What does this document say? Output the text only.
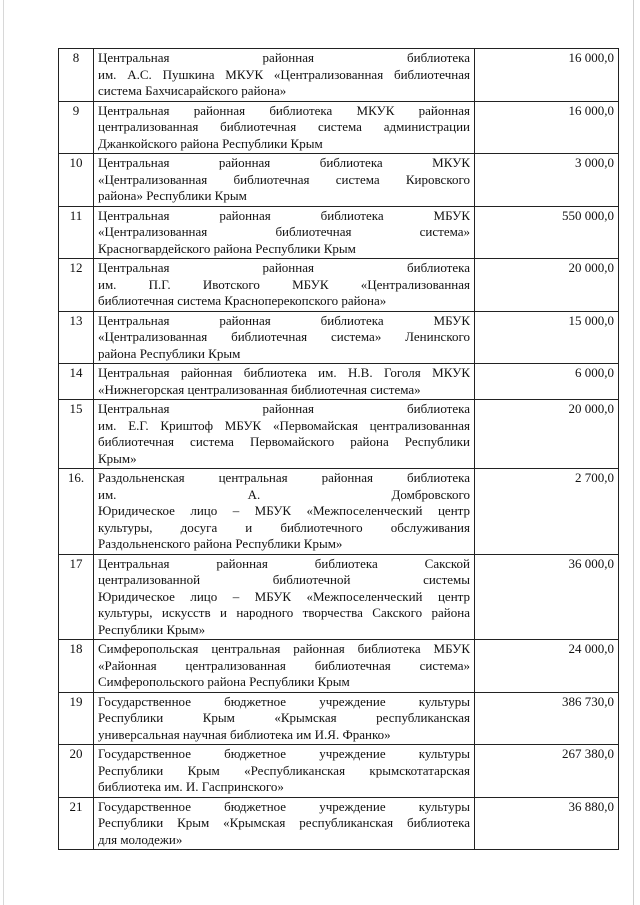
8	Центральная районная библиотека
им. А.С. Пушкина МКУК «Централизованная библиотечная
система Бахчисарайского района»	16 000,0
9	Центральная районная библиотека МКУК районная
централизованная библиотечная система администрации
Джанкойского района Республики Крым	16 000,0
10	Центральная районная библиотека МКУК
«Централизованная библиотечная система Кировского
района» Республики Крым	3 000,0
11	Центральная районная библиотека МБУК
«Централизованная библиотечная система»
Красногвардейского района Республики Крым	550 000,0
12	Центральная районная библиотека
им. П.Г. Ивотского МБУК «Централизованная
библиотечная система Красноперекопского района»	20 000,0
13	Центральная районная библиотека МБУК
«Централизованная библиотечная система» Ленинского
района Республики Крым	15 000,0
14	Центральная районная библиотека им. Н.В. Гоголя МКУК
«Нижнегорская централизованная библиотечная система»	6 000,0
15	Центральная районная библиотека
им. Е.Г. Криштоф МБУК «Первомайская централизованная
библиотечная система Первомайского района Республики
Крым»	20 000,0
16.	Раздольненская центральная районная библиотека
им. А. Домбровского
Юридическое лицо – МБУК «Межпоселенческий центр
культуры, досуга и библиотечного обслуживания
Раздольненского района Республики Крым»	2 700,0
17	Центральная районная библиотека Сакской
централизованной библиотечной системы
Юридическое лицо – МБУК «Межпоселенческий центр
культуры, искусств и народного творчества Сакского района
Республики Крым»	36 000,0
18	Симферопольская центральная районная библиотека МБУК
«Районная централизованная библиотечная система»
Симферопольского района Республики Крым	24 000,0
19	Государственное бюджетное учреждение культуры
Республики Крым «Крымская республиканская
универсальная научная библиотека им И.Я. Франко»	386 730,0
20	Государственное бюджетное учреждение культуры
Республики Крым «Республиканская крымскотатарская
библиотека им. И. Гаспринского»	267 380,0
21	Государственное бюджетное учреждение культуры
Республики Крым «Крымская республиканская библиотека
для молодежи»	36 880,0
